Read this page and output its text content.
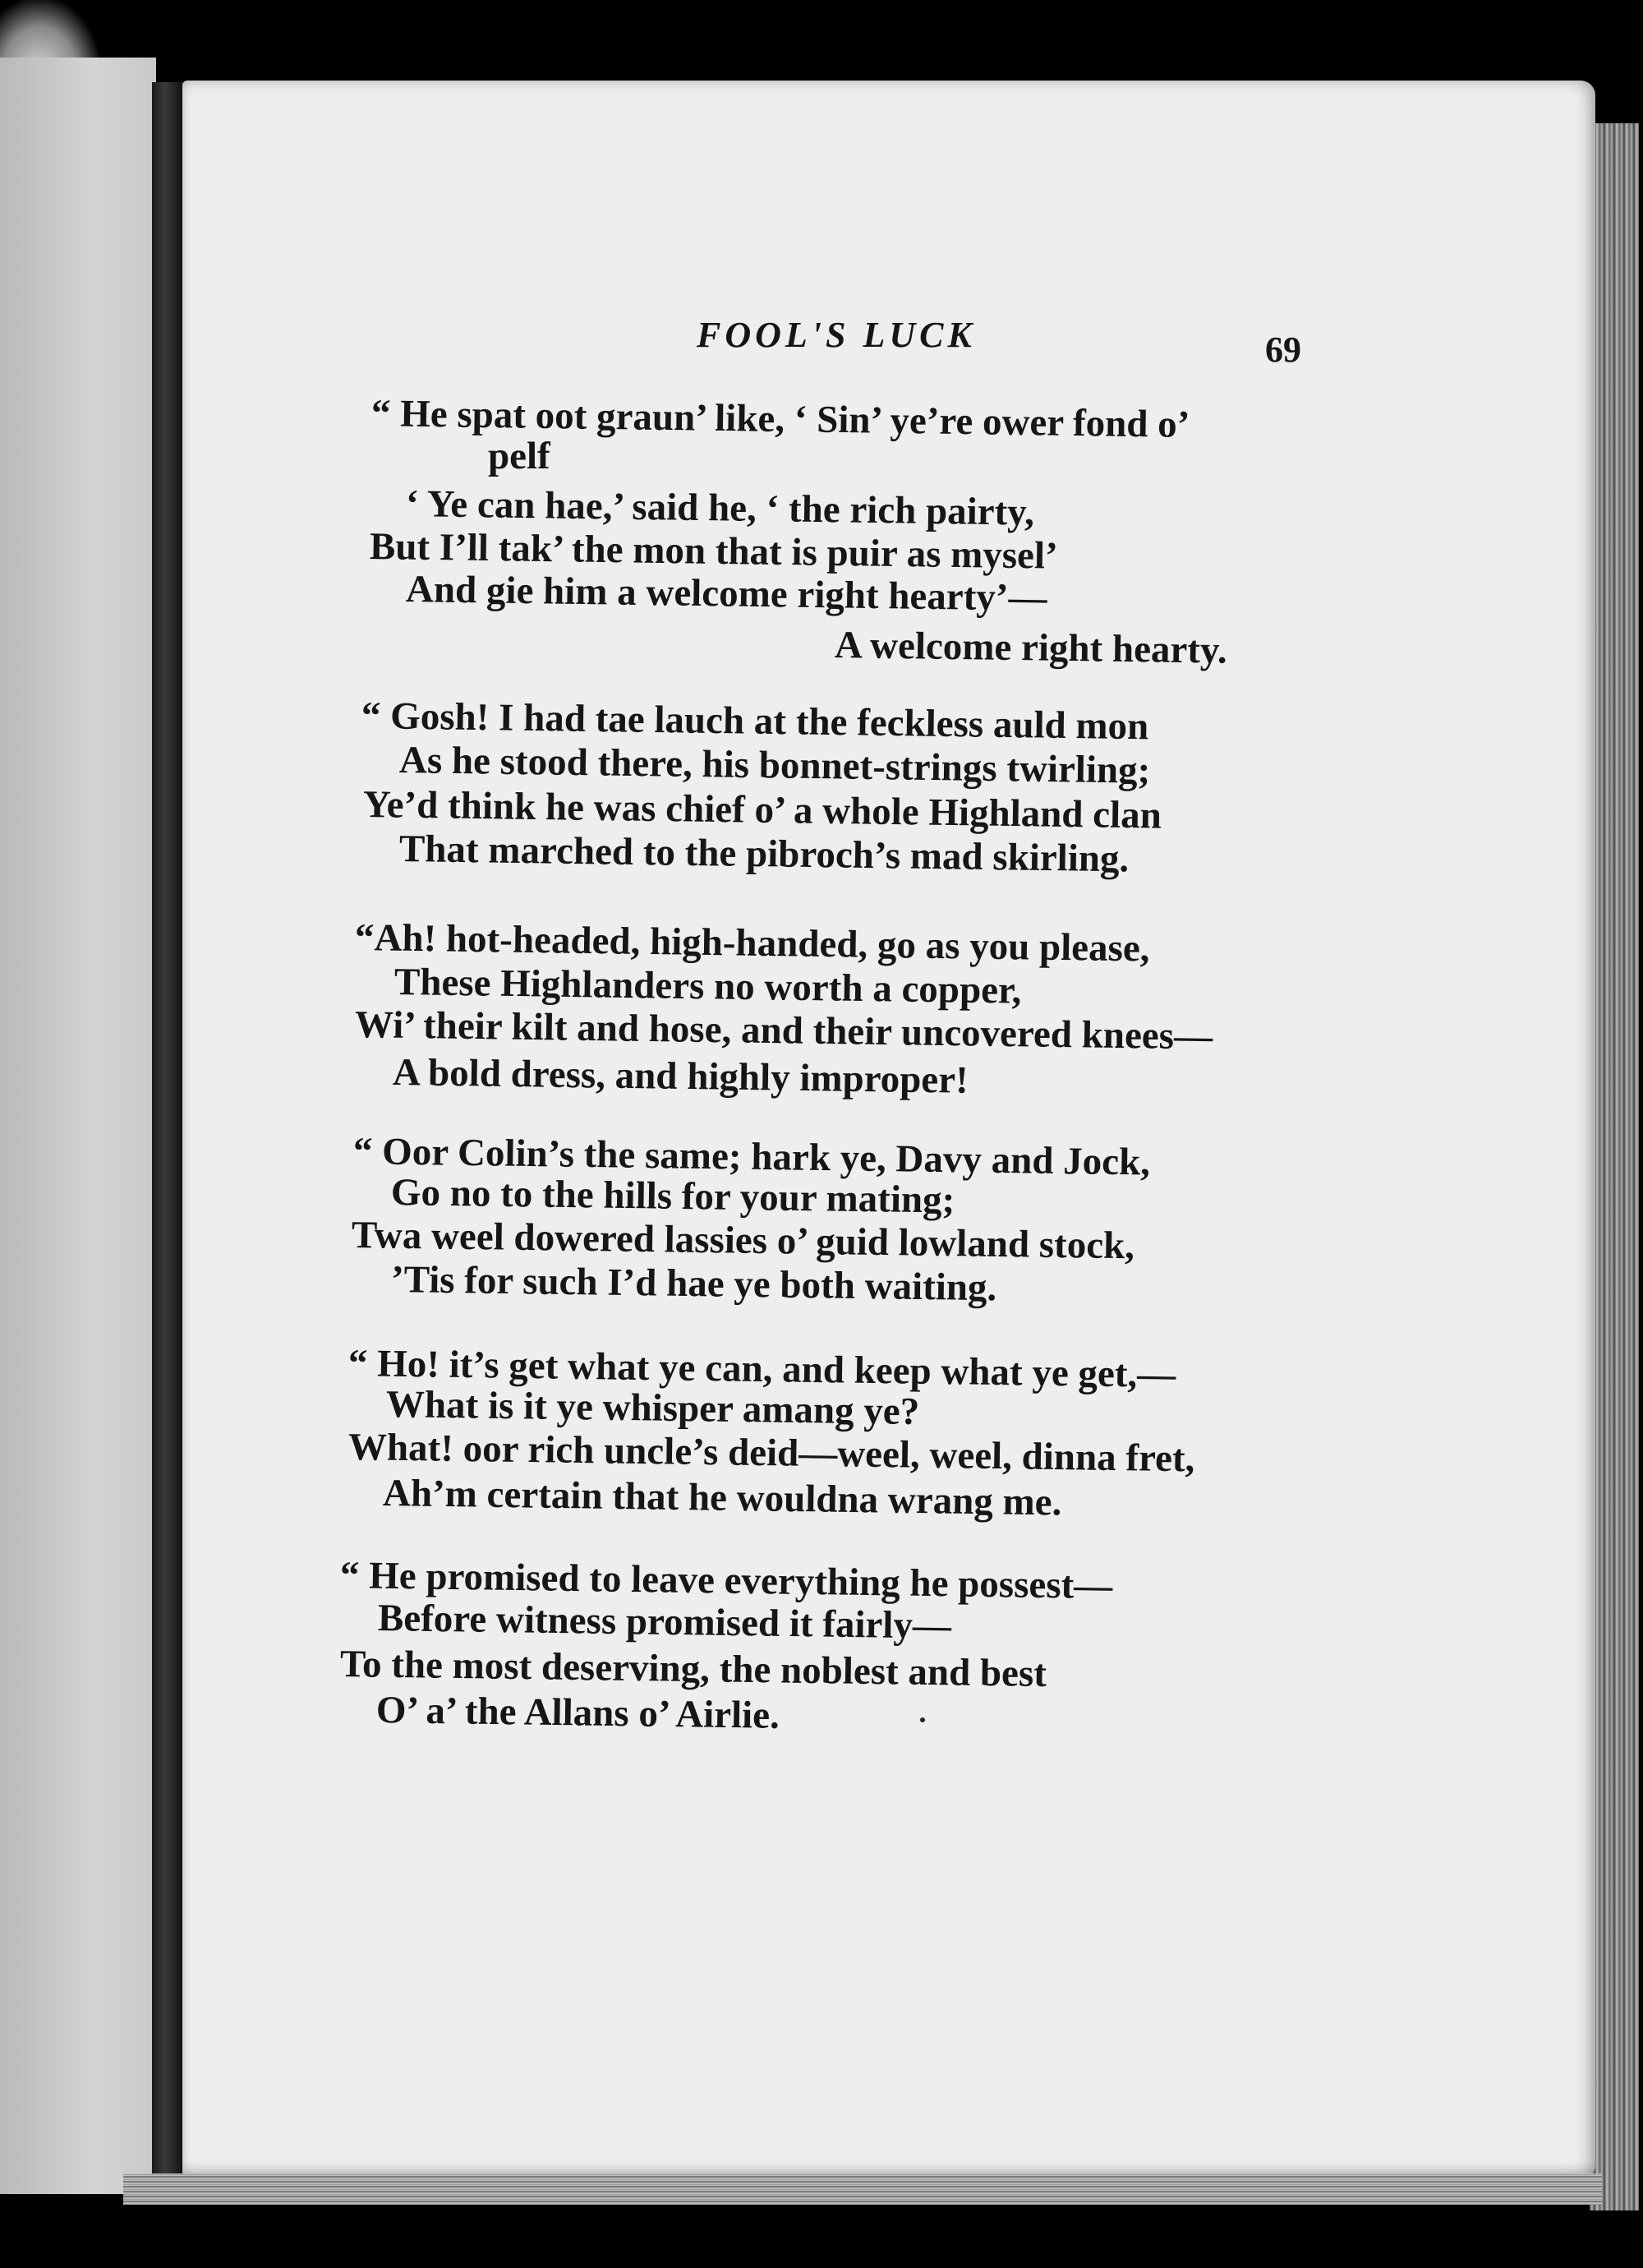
FOOL'S LUCK	69
“ He spat oot graun’ like, ‘ Sin’ ye’re ower fond o’
pelf
‘ Ye can hae,’ said he, ‘ the rich pairty,
But I’ll tak’ the mon that is puir as mysel’
And gie him a welcome right hearty’—
A welcome right hearty.
“ Gosh! I had tae lauch at the feckless auld mon
As he stood there, his bonnet-strings twirling;
Ye’d think he was chief o’ a whole Highland clan
That marched to the pibroch’s mad skirling.
“Ah! hot-headed, high-handed, go as you please,
These Highlanders no worth a copper,
Wi’ their kilt and hose, and their uncovered knees—
A bold dress, and highly improper!
“ Oor Colin’s the same; hark ye, Davy and Jock,
Go no to the hills for your mating;
Twa weel dowered lassies o’ guid lowland stock,
’Tis for such I’d hae ye both waiting.
“ Ho! it’s get what ye can, and keep what ye get,—
What is it ye whisper amang ye?
What! oor rich uncle’s deid—weel, weel, dinna fret,
Ah’m certain that he wouldna wrang me.
“ He promised to leave everything he possest—
Before witness promised it fairly—
To the most deserving, the noblest and best
O’ a’ the Allans o’ Airlie.
